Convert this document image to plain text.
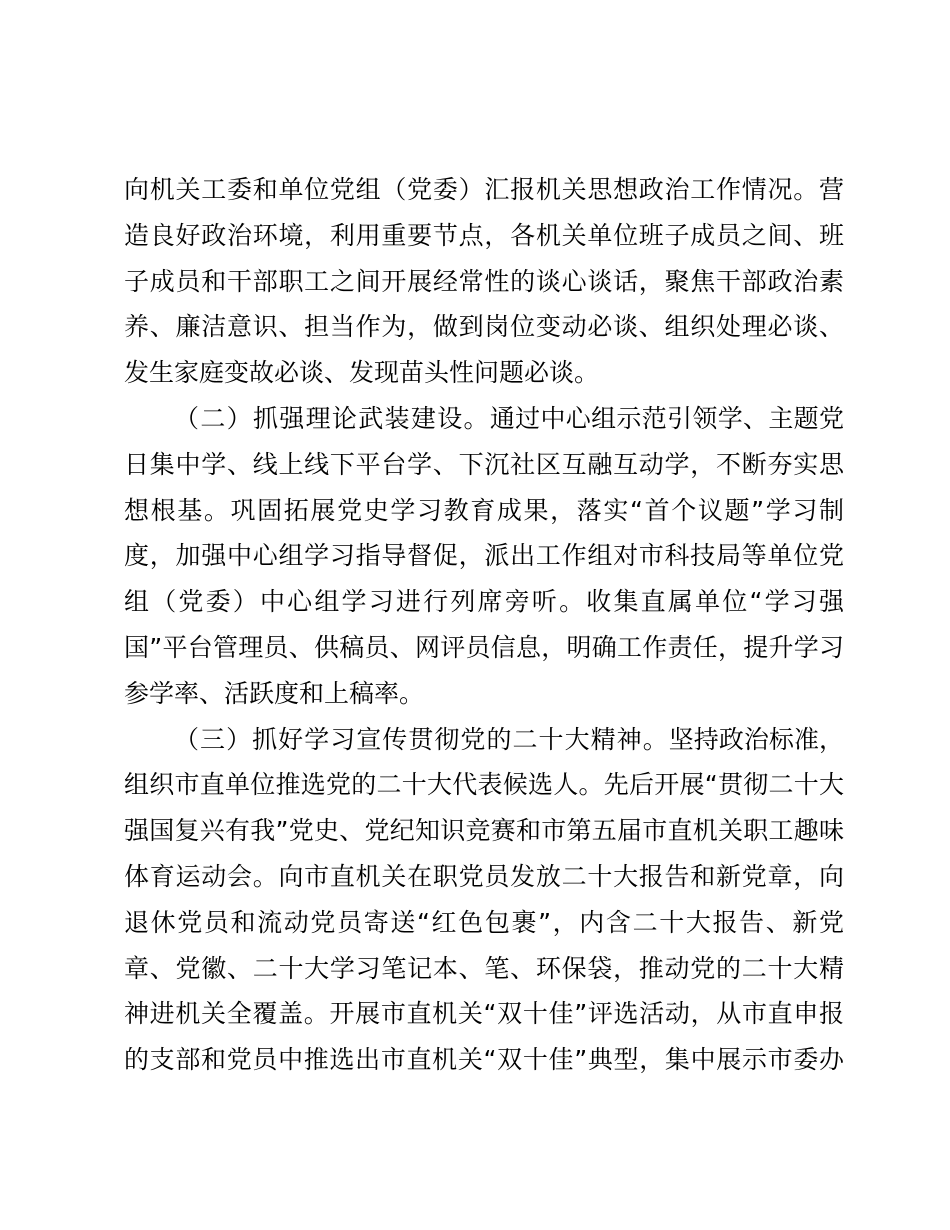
向机关工委和单位党组（党委）汇报机关思想政治工作情况。营造良好政治环境，利用重要节点，各机关单位班子成员之间、班子成员和干部职工之间开展经常性的谈心谈话，聚焦干部政治素养、廉洁意识、担当作为，做到岗位变动必谈、组织处理必谈、发生家庭变故必谈、发现苗头性问题必谈。

（二）抓强理论武装建设。通过中心组示范引领学、主题党日集中学、线上线下平台学、下沉社区互融互动学，不断夯实思想根基。巩固拓展党史学习教育成果，落实“首个议题”学习制度，加强中心组学习指导督促，派出工作组对市科技局等单位党组（党委）中心组学习进行列席旁听。收集直属单位“学习强国”平台管理员、供稿员、网评员信息，明确工作责任，提升学习参学率、活跃度和上稿率。

（三）抓好学习宣传贯彻党的二十大精神。坚持政治标准，组织市直单位推选党的二十大代表候选人。先后开展“贯彻二十大强国复兴有我”党史、党纪知识竞赛和市第五届市直机关职工趣味体育运动会。向市直机关在职党员发放二十大报告和新党章，向退休党员和流动党员寄送“红色包裹”，内含二十大报告、新党章、党徽、二十大学习笔记本、笔、环保袋，推动党的二十大精神进机关全覆盖。开展市直机关“双十佳”评选活动，从市直申报的支部和党员中推选出市直机关“双十佳”典型，集中展示市委办
